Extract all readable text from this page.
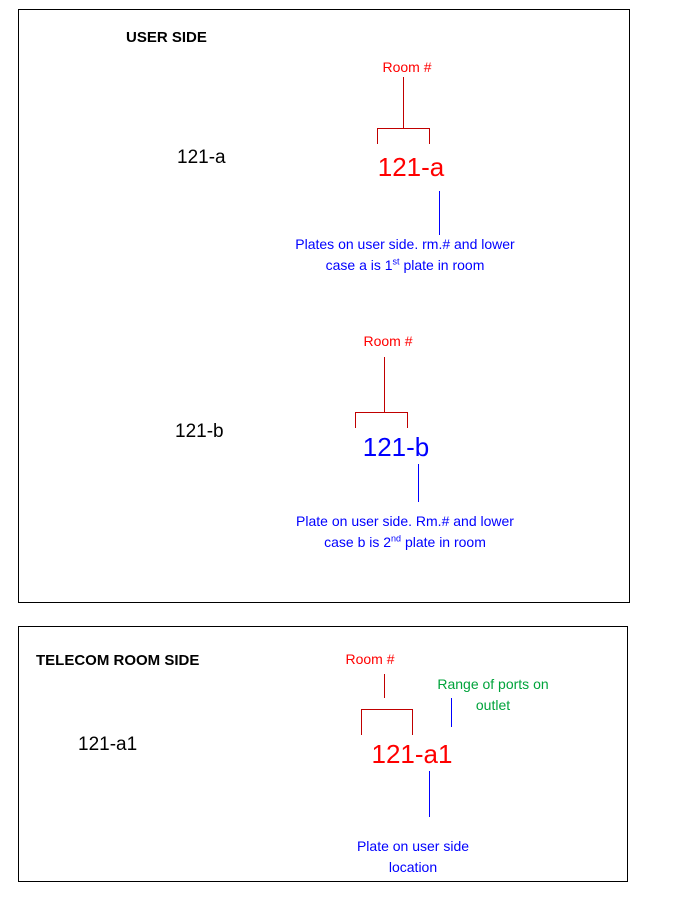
USER SIDE
121-a
Room #
121-a
Plates on user side. rm.# and lower
case a is 1st plate in room
121-b
Room #
121-b
Plate on user side. Rm.# and lower
case b is 2nd plate in room
TELECOM ROOM SIDE
121-a1
Room #
Range of ports on
outlet
121-a1
Plate on user side
location
